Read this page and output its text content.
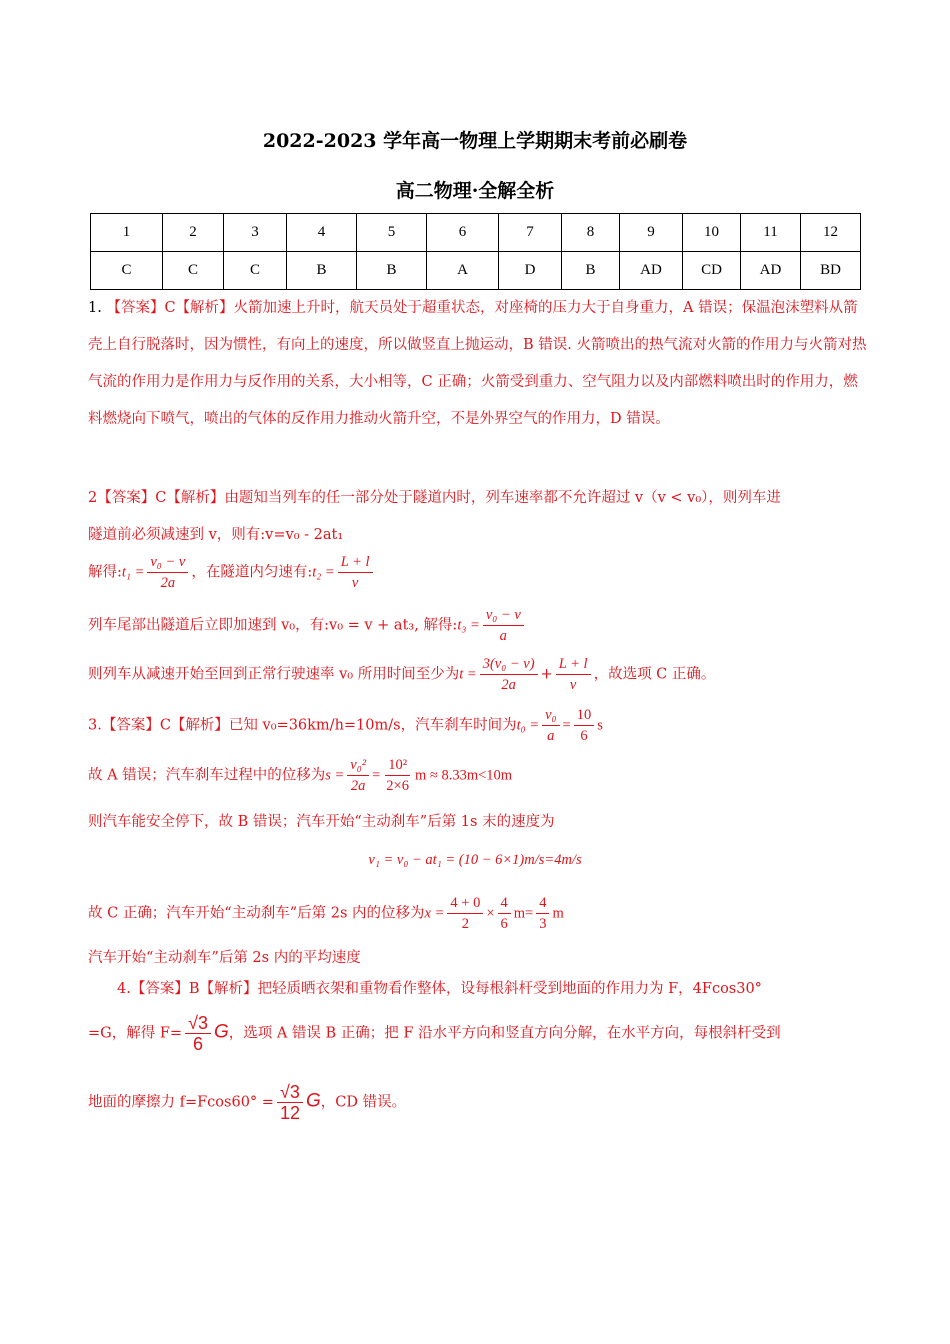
2022-2023 学年高一物理上学期期末考前必刷卷
高二物理·全解全析
1	2	3	4	5	6	7	8	9	10	11	12
C	C	C	B	B	A	D	B	AD	CD	AD	BD

1. 【答案】C【解析】火箭加速上升时，航天员处于超重状态，对座椅的压力大于自身重力，A 错误；保温泡沫塑料从箭壳上自行脱落时，因为惯性，有向上的速度，所以做竖直上抛运动，B 错误. 火箭喷出的热气流对火箭的作用力与火箭对热气流的作用力是作用力与反作用的关系，大小相等，C 正确；火箭受到重力、空气阻力以及内部燃料喷出时的作用力，燃料燃烧向下喷气，喷出的气体的反作用力推动火箭升空，不是外界空气的作用力，D 错误。

2【答案】C【解析】由题知当列车的任一部分处于隧道内时，列车速率都不允许超过 v（v < v₀），则列车进
隧道前必须减速到 v，则有:v=v₀ - 2at₁
解得:t₁ = $\frac{\text{v₀ − v}}{2a}$ ，在隧道内匀速有:t₂ = $\frac{L + l}{v}$
列车尾部出隧道后立即加速到 v₀，有:v₀ = v + at₃, 解得:t₃ = $\frac{\text{v₀ − v}}{a}$
则列车从减速开始至回到正常行驶速率 v₀ 所用时间至少为$t = \frac{\text{3(v₀ − v)}}{2a} + \frac{L + l}{v}$ ，故选项 C 正确。
3.【答案】C【解析】已知 v₀=36km/h=10m/s，汽车刹车时间为$t_0 = \frac{\text{v₀}}{a} = \frac{10}{6}$ s
故 A 错误；汽车刹车过程中的位移为$s = \frac{\text{v₀²}}{2a} = \frac{\text{10²}}{2\times 6}$ m ≈ 8.33m<10m
则汽车能安全停下，故 B 错误；汽车开始“主动刹车”后第 1s 末的速度为
v₁ = v₀ − at₁ = (10 − 6×1)m/s=4m/s
故 C 正确；汽车开始“主动刹车”后第 2s 内的位移为$x = \frac{4 + 0}{2} \times \frac{4}{6} m= \frac{4}{3}$ m
汽车开始“主动刹车”后第 2s 内的平均速度
4.【答案】B【解析】把轻质晒衣架和重物看作整体，设每根斜杆受到地面的作用力为 F，4Fcos30°
=G，解得 $F= \frac{√3}{6}$ G，选项 A 错误 B 正确；把 F 沿水平方向和竖直方向分解，在水平方向，每根斜杆受到
地面的摩擦力 $f=Fcos60^\circ = \frac{√3}{12}$ G，CD 错误。
